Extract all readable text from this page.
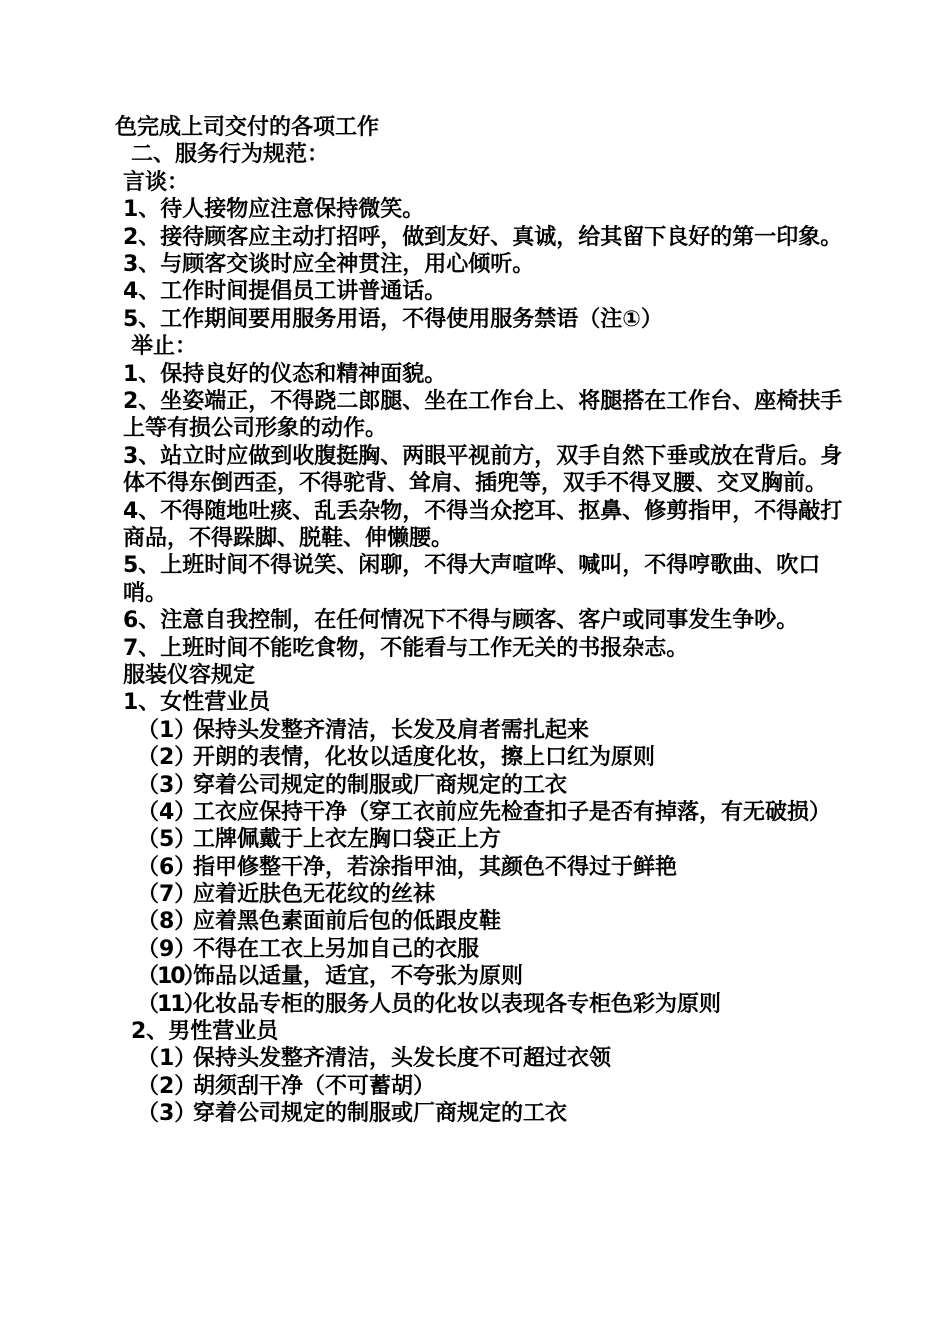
色完成上司交付的各项工作
二、服务行为规范：
言谈：
1、待人接物应注意保持微笑。
2、接待顾客应主动打招呼，做到友好、真诚，给其留下良好的第一印象。
3、与顾客交谈时应全神贯注，用心倾听。
4、工作时间提倡员工讲普通话。
5、工作期间要用服务用语，不得使用服务禁语（注①）
举止：
1、保持良好的仪态和精神面貌。
2、坐姿端正，不得跷二郎腿、坐在工作台上、将腿搭在工作台、座椅扶手上等有损公司形象的动作。
3、站立时应做到收腹挺胸、两眼平视前方，双手自然下垂或放在背后。身体不得东倒西歪，不得驼背、耸肩、插兜等，双手不得叉腰、交叉胸前。
4、不得随地吐痰、乱丢杂物，不得当众挖耳、抠鼻、修剪指甲，不得敲打商品，不得跺脚、脱鞋、伸懒腰。
5、上班时间不得说笑、闲聊，不得大声喧哗、喊叫，不得哼歌曲、吹口哨。
6、注意自我控制，在任何情况下不得与顾客、客户或同事发生争吵。
7、上班时间不能吃食物，不能看与工作无关的书报杂志。
服装仪容规定
1、女性营业员
（1）保持头发整齐清洁，长发及肩者需扎起来
（2）开朗的表情，化妆以适度化妆，擦上口红为原则
（3）穿着公司规定的制服或厂商规定的工衣
（4）工衣应保持干净（穿工衣前应先检查扣子是否有掉落，有无破损）
（5）工牌佩戴于上衣左胸口袋正上方
（6）指甲修整干净，若涂指甲油，其颜色不得过于鲜艳
（7）应着近肤色无花纹的丝袜
（8）应着黑色素面前后包的低跟皮鞋
（9）不得在工衣上另加自己的衣服
（10）饰品以适量，适宜，不夸张为原则
（11）化妆品专柜的服务人员的化妆以表现各专柜色彩为原则
2、男性营业员
（1）保持头发整齐清洁，头发长度不可超过衣领
（2）胡须刮干净（不可蓄胡）
（3）穿着公司规定的制服或厂商规定的工衣
